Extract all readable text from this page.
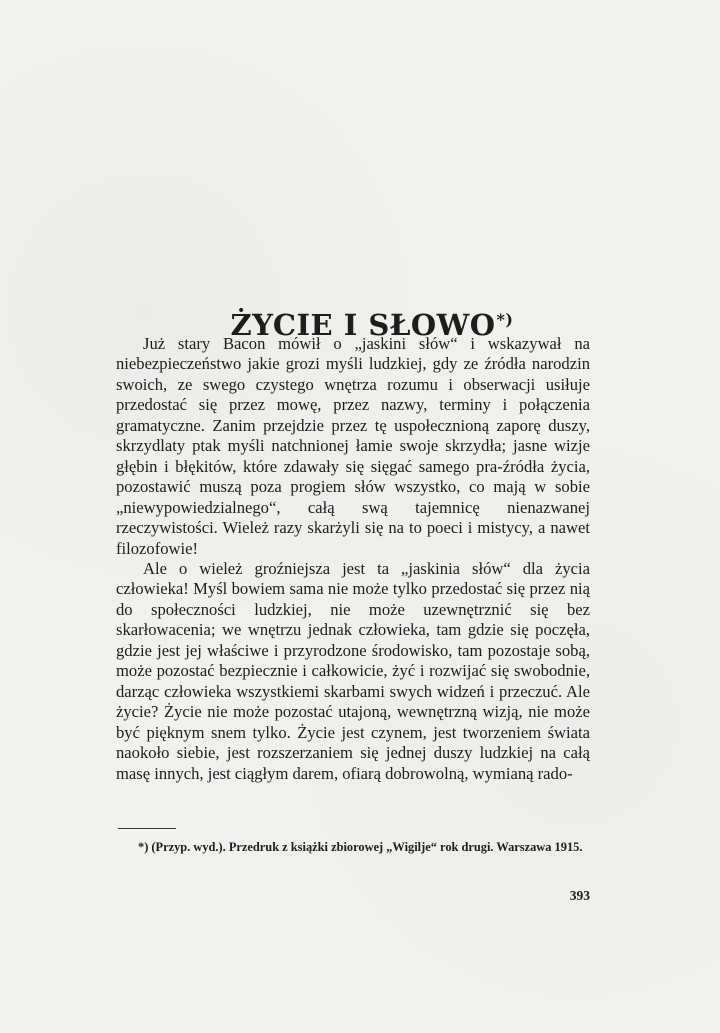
ŻYCIE I SŁOWO*)

Już stary Bacon mówił o „jaskini słów“ i wskazywał na niebezpieczeństwo jakie grozi myśli ludzkiej, gdy ze źródła narodzin swoich, ze swego czystego wnętrza rozumu i obserwacji usiłuje przedostać się przez mowę, przez nazwy, terminy i połączenia gramatyczne. Zanim przejdzie przez tę uspołecznioną zaporę duszy, skrzydlaty ptak myśli natchnionej łamie swoje skrzydła; jasne wizje głębin i błękitów, które zdawały się sięgać samego pra-źródła życia, pozostawić muszą poza progiem słów wszystko, co mają w sobie „niewypowiedzialnego“, całą swą tajemnicę nienazwanej rzeczywistości. Wieleż razy skarżyli się na to poeci i mistycy, a nawet filozofowie!

Ale o wieleż groźniejsza jest ta „jaskinia słów“ dla życia człowieka! Myśl bowiem sama nie może tylko przedostać się przez nią do społeczności ludzkiej, nie może uzewnętrznić się bez skarłowacenia; we wnętrzu jednak człowieka, tam gdzie się poczęła, gdzie jest jej właściwe i przyrodzone środowisko, tam pozostaje sobą, może pozostać bezpiecznie i całkowicie, żyć i rozwijać się swobodnie, darząc człowieka wszystkiemi skarbami swych widzeń i przeczuć. Ale życie? Życie nie może pozostać utajoną, wewnętrzną wizją, nie może być pięknym snem tylko. Życie jest czynem, jest tworzeniem świata naokoło siebie, jest rozszerzaniem się jednej duszy ludzkiej na całą masę innych, jest ciągłym darem, ofiarą dobrowolną, wymianą rado-

*) (Przyp. wyd.). Przedruk z książki zbiorowej „Wigilje“ rok drugi. Warszawa 1915.

393
